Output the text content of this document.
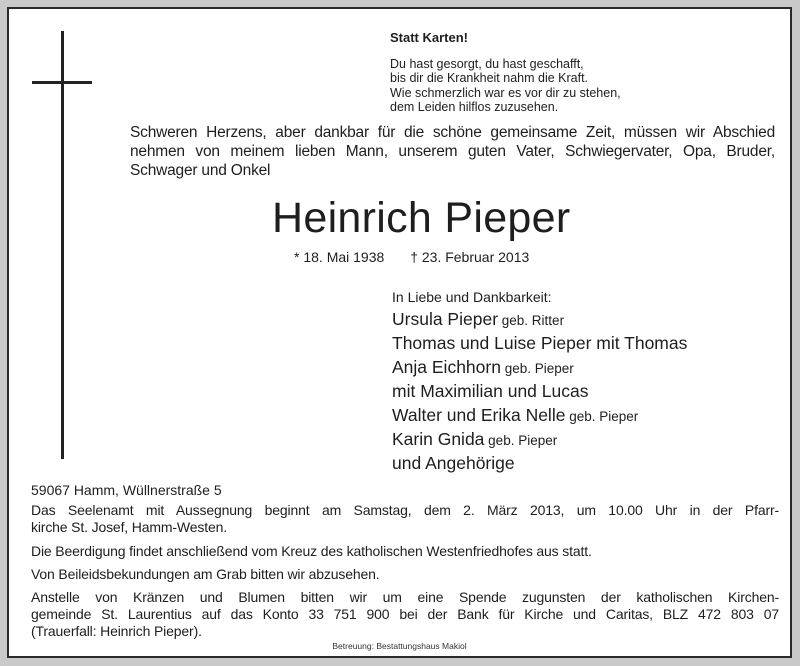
Statt Karten!
Du hast gesorgt, du hast geschafft,
bis dir die Krankheit nahm die Kraft.
Wie schmerzlich war es vor dir zu stehen,
dem Leiden hilflos zuzusehen.
Schweren Herzens, aber dankbar für die schöne gemeinsame Zeit, müssen wir Abschied
nehmen von meinem lieben Mann, unserem guten Vater, Schwiegervater, Opa, Bruder,
Schwager und Onkel
Heinrich Pieper
* 18. Mai 1938 † 23. Februar 2013
In Liebe und Dankbarkeit:
Ursula Pieper geb. Ritter
Thomas und Luise Pieper mit Thomas
Anja Eichhorn geb. Pieper
mit Maximilian und Lucas
Walter und Erika Nelle geb. Pieper
Karin Gnida geb. Pieper
und Angehörige
59067 Hamm, Wüllnerstraße 5
Das Seelenamt mit Aussegnung beginnt am Samstag, dem 2. März 2013, um 10.00 Uhr in der Pfarr-
kirche St. Josef, Hamm-Westen.
Die Beerdigung findet anschließend vom Kreuz des katholischen Westenfriedhofes aus statt.
Von Beileidsbekundungen am Grab bitten wir abzusehen.
Anstelle von Kränzen und Blumen bitten wir um eine Spende zugunsten der katholischen Kirchen-
gemeinde St. Laurentius auf das Konto 33 751 900 bei der Bank für Kirche und Caritas, BLZ 472 803 07
(Trauerfall: Heinrich Pieper).
Betreuung: Bestattungshaus Makiol
